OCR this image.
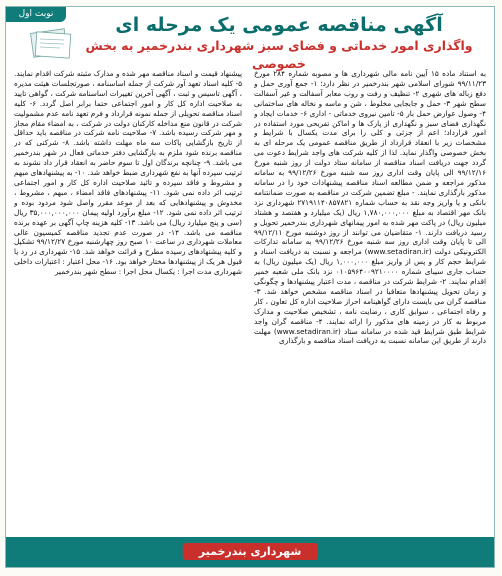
نوبت اول	آگهی مناقصه عمومی یک مرحله ای
واگذاری امور خدماتی و فضای سبز شهرداری بندرخمیر به بخش خصوصی

به استناد ماده ۱۵ آیین نامه مالی شهرداری ها و مصوبه شماره ۲۸۴ مورخ ۹۹/۱۱/۲۳ شورای اسلامی شهر بندرخمیر در نظر دارد؛ ۱- جمع آوری حمل و دفع زباله های شهری ۲- تنظیف و رفت و روب معابر آسفالت و غیر آسفالت سطح شهر ۳- حمل و جابجایی مخلوط ، شن و ماسه و نخاله های ساختمانی ۴- وصول عوارض حمل بار ۵- تامین نیروی خدماتی - اداری ۶- خدمات ایجاد و نگهداری فضای سبز و نگهداری از پارک ها و اماکن تفریحی مورد استفاده در امور قرارداد؛ اعم از جزئی و کلی را برای مدت یکسال با شرایط و مشخصات زیر با انعقاد قرارداد از طریق مناقصه عمومی یک مرحله ای به بخش خصوصی واگذار نماید. لذا از کلیه شرکت های واجد شرایط دعوت می گردد جهت دریافت اسناد مناقصه از سامانه ستاد دولت از روز شنبه مورخ ۹۹/۱۲/۱۶ الی پایان وقت اداری روز سه شنبه مورخ ۹۹/۱۲/۲۶ به سامانه مذکور مراجعه و ضمن مطالعه اسناد مناقصه پیشنهادات خود را در سامانه مذکور بارگذاری نمایند. - مبلغ تضمین شرکت در مناقصه به صورت ضمانتنامه بانکی و یا واریز وجه نقد به حساب شماره ۲۷۱۹۱۱۴۰۸۵۷۸۲۱ شهرداری نزد بانک مهر اقتصاد به مبلغ ۱,۷۸۰,۰۰۰,۰۰۰ ریال (یک میلیارد و هفتصد و هشتاد میلیون ریال) در پاکت مهر شده به امور پیمانهای شهرداری بندرخمیر تحویل و رسید دریافت دارند. ۱- متقاضیان می توانند از روز دوشنبه مورخ ۹۹/۱۲/۱۱ الی تا پایان وقت اداری روز سه شنبه مورخ ۹۹/۱۲/۲۶ به سامانه تدارکات الکترونیکی دولت (www.setadiran.ir) مراجعه و نسبت به دریافت اسناد و شرایط حجم کار و پس از واریز مبلغ ۱,۰۰۰,۰۰۰ ریال (یک میلیون ریال) به حساب جاری سیبای شماره ۰۱۰۵۹۶۴۰۰۹۲۱۰۰۰۰ نزد بانک ملی شعبه خمیر اقدام نمایند. ۲- شرایط شرکت در مناقصه ، مدت اعتبار پیشنهادها و چگونگی و زمان تحویل پیشنهادها متعاقبا در اسناد مناقصه مشخص خواهد شد. ۳- مناقصه گران می بایست دارای گواهینامه احراز صلاحیت اداره کل تعاون ، کار و رفاه اجتماعی ، سوابق کاری ، رضایت نامه ، تشخیص صلاحیت و مدارک مربوط به کار در زمینه های مذکور را ارائه نمایند. ۴- مناقصه گران واجد شرایط طبق شرایط قید شده در سامانه ستاد (www.setadiran.ir) مهلت دارند از طریق این سامانه نسبت به دریافت اسناد مناقصه و بارگذاری

پیشنهاد قیمت و اسناد مناقصه مهر شده و مدارک مثبته شرکت اقدام نمایند. ۵- کلیه اسناد تعهد آور شرکت از جمله اساسنامه ، صورتجلسات هیئت مدیره ، آگهی تاسیس و ثبت ، آگهی آخرین تغییرات اساسنامه شرکت ، گواهی تایید به صلاحیت اداره کل کار و امور اجتماعی حتما برابر اصل گردد. ۶- کلیه اسناد مناقصه تحویلی از جمله نمونه قرارداد و فرم تعهد نامه عدم مشمولیت شرکت در قانون منع مداخله کارکنان دولت در شرکت ، به امضاء مقام مجاز و مهر شرکت رسیده باشد. ۷- صلاحیت نامه شرکت در مناقصه باید حداقل از تاریخ بازگشایی پاکات سه ماه مهلت داشته باشد. ۸- شرکتی که در مناقصه برنده شود ملزم به بازگشایی دفتر خدماتی فعال در شهر بندرخمیر می باشد. ۹- چنانچه برندگان اول تا سوم حاضر به انعقاد قرار داد نشوند به ترتیب سپرده آنها به نفع شهرداری ضبط خواهد شد. ۱۰- به پیشنهادهای مبهم و مشروط و فاقد سپرده و تائید صلاحیت اداره کل کار و امور اجتماعی ترتیب اثر داده نمی شود. ۱۱- پیشنهادهای فاقد امضاء ، مبهم ، مشروط ، مخدوش و پیشنهادهایی که بعد از موعد مقرر واصل شود مردود بوده و ترتیب اثر داده نمی شود. ۱۲- مبلغ برآورد اولیه پیمان ۳۵,۰۰۰,۰۰۰,۰۰۰ ریال (سی و پنج میلیارد ریال) می باشد. ۱۳- کلیه هزینه چاپ آگهی بر عهده برنده مناقصه می باشد. ۱۴- در صورت عدم تجدید مناقصه کمیسیون عالی معاملات شهرداری در ساعت ۱۰ صبح روز چهارشنبه مورخ ۹۹/۱۲/۲۷ تشکیل و کلیه پیشنهادهای رسیده مطرح و قرائت خواهد شد. ۱۵- شهرداری در رد یا قبول هر یک از پیشنهادها مختار خواهد بود. ۱۶- محل اعتبار : اعتبارات داخلی شهرداری مدت اجرا : یکسال محل اجرا : سطح شهر بندرخمیر

شهرداری بندرخمیر
